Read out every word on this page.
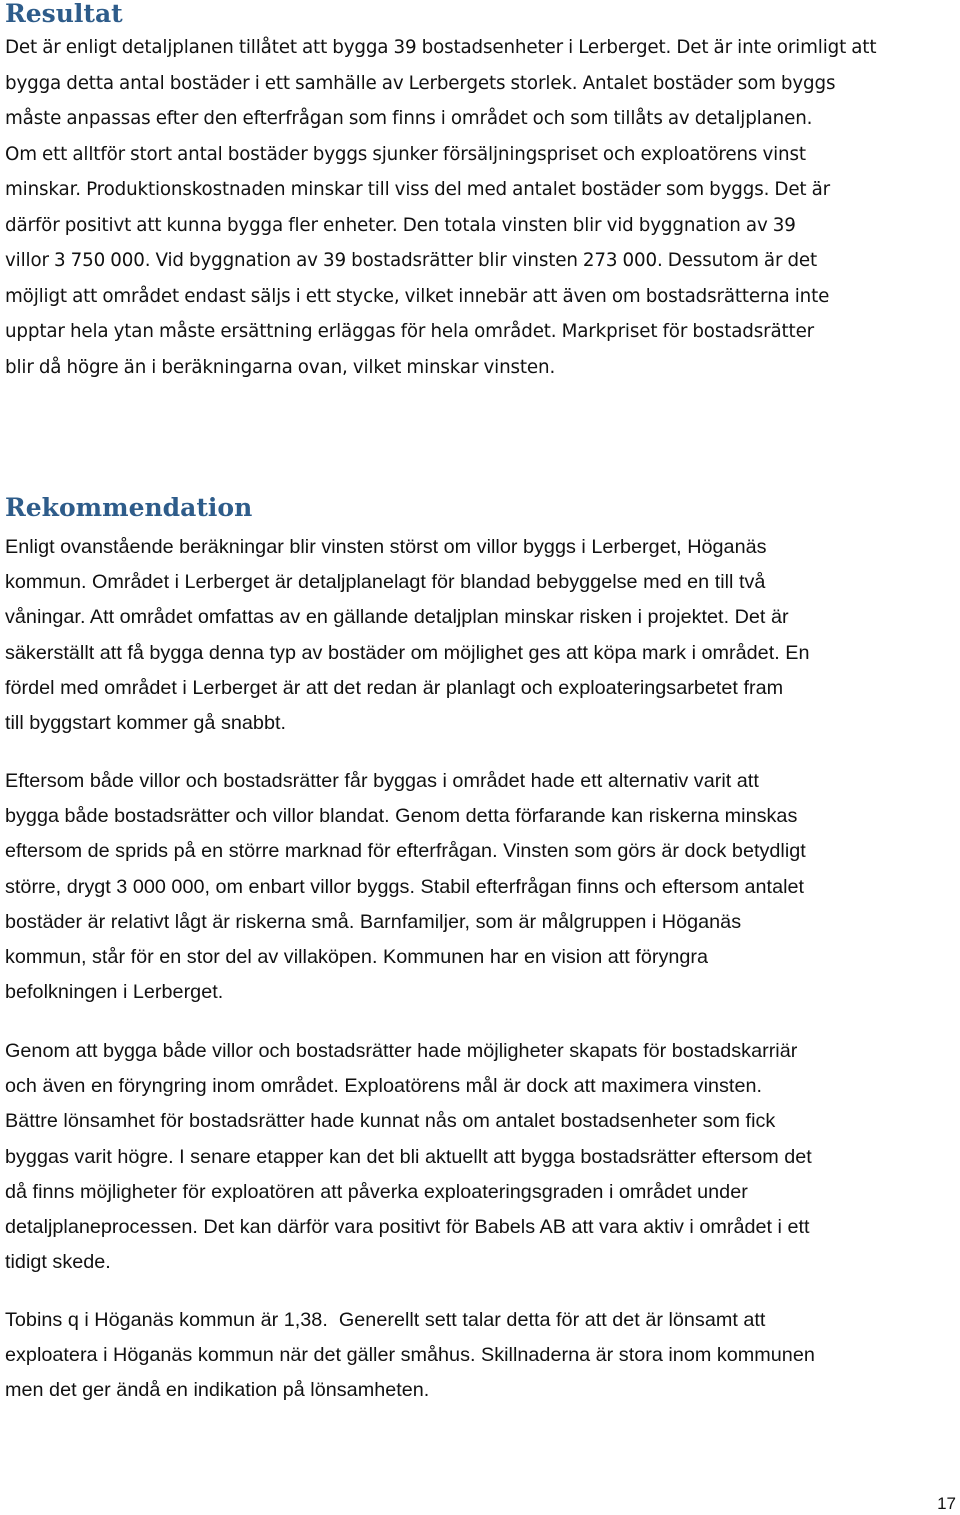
Resultat
Det är enligt detaljplanen tillåtet att bygga 39 bostadsenheter i Lerberget. Det är inte orimligt att
bygga detta antal bostäder i ett samhälle av Lerbergets storlek. Antalet bostäder som byggs
måste anpassas efter den efterfrågan som finns i området och som tillåts av detaljplanen.
Om ett alltför stort antal bostäder byggs sjunker försäljningspriset och exploatörens vinst
minskar. Produktionskostnaden minskar till viss del med antalet bostäder som byggs. Det är
därför positivt att kunna bygga fler enheter. Den totala vinsten blir vid byggnation av 39
villor 3 750 000. Vid byggnation av 39 bostadsrätter blir vinsten 273 000. Dessutom är det
möjligt att området endast säljs i ett stycke, vilket innebär att även om bostadsrätterna inte
upptar hela ytan måste ersättning erläggas för hela området. Markpriset för bostadsrätter
blir då högre än i beräkningarna ovan, vilket minskar vinsten.
Rekommendation
Enligt ovanstående beräkningar blir vinsten störst om villor byggs i Lerberget, Höganäs
kommun. Området i Lerberget är detaljplanelagt för blandad bebyggelse med en till två
våningar. Att området omfattas av en gällande detaljplan minskar risken i projektet. Det är
säkerställt att få bygga denna typ av bostäder om möjlighet ges att köpa mark i området. En
fördel med området i Lerberget är att det redan är planlagt och exploateringsarbetet fram
till byggstart kommer gå snabbt.
Eftersom både villor och bostadsrätter får byggas i området hade ett alternativ varit att
bygga både bostadsrätter och villor blandat. Genom detta förfarande kan riskerna minskas
eftersom de sprids på en större marknad för efterfrågan. Vinsten som görs är dock betydligt
större, drygt 3 000 000, om enbart villor byggs. Stabil efterfrågan finns och eftersom antalet
bostäder är relativt lågt är riskerna små. Barnfamiljer, som är målgruppen i Höganäs
kommun, står för en stor del av villaköpen. Kommunen har en vision att föryngra
befolkningen i Lerberget.
Genom att bygga både villor och bostadsrätter hade möjligheter skapats för bostadskarriär
och även en föryngring inom området. Exploatörens mål är dock att maximera vinsten.
Bättre lönsamhet för bostadsrätter hade kunnat nås om antalet bostadsenheter som fick
byggas varit högre. I senare etapper kan det bli aktuellt att bygga bostadsrätter eftersom det
då finns möjligheter för exploatören att påverka exploateringsgraden i området under
detaljplaneprocessen. Det kan därför vara positivt för Babels AB att vara aktiv i området i ett
tidigt skede.
Tobins q i Höganäs kommun är 1,38.  Generellt sett talar detta för att det är lönsamt att
exploatera i Höganäs kommun när det gäller småhus. Skillnaderna är stora inom kommunen
men det ger ändå en indikation på lönsamheten.
17
